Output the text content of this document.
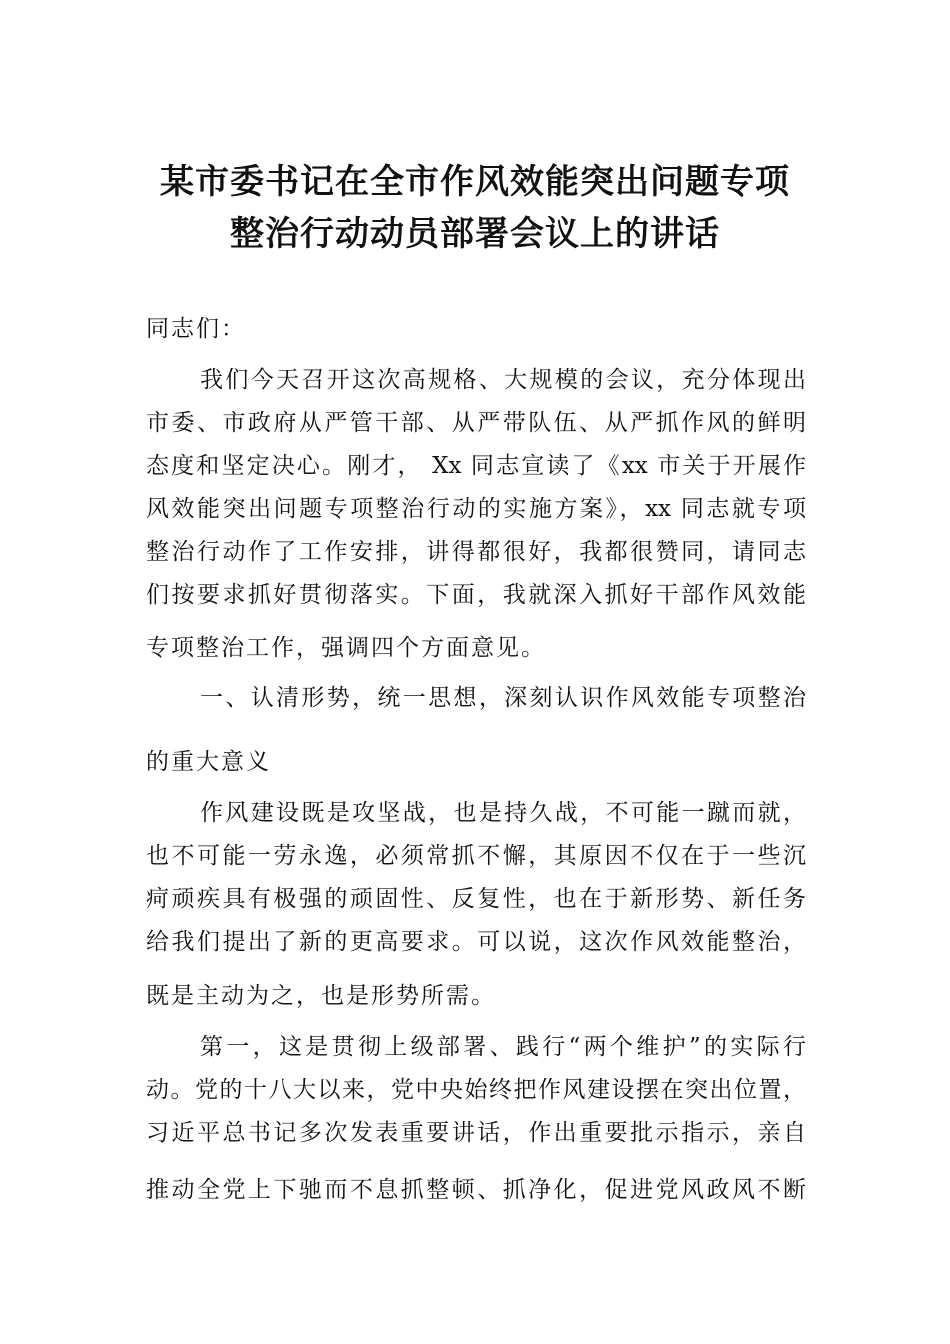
某市委书记在全市作风效能突出问题专项
整治行动动员部署会议上的讲话
同志们：
我们今天召开这次高规格、大规模的会议，充分体现出
市委、市政府从严管干部、从严带队伍、从严抓作风的鲜明
态度和坚定决心。刚才， Xx 同志宣读了《xx 市关于开展作
风效能突出问题专项整治行动的实施方案》，xx 同志就专项
整治行动作了工作安排，讲得都很好，我都很赞同，请同志
们按要求抓好贯彻落实。下面，我就深入抓好干部作风效能
专项整治工作，强调四个方面意见。
一、认清形势，统一思想，深刻认识作风效能专项整治
的重大意义
作风建设既是攻坚战，也是持久战，不可能一蹴而就，
也不可能一劳永逸，必须常抓不懈，其原因不仅在于一些沉
疴顽疾具有极强的顽固性、反复性，也在于新形势、新任务
给我们提出了新的更高要求。可以说，这次作风效能整治，
既是主动为之，也是形势所需。
第一，这是贯彻上级部署、践行“两个维护”的实际行
动。党的十八大以来，党中央始终把作风建设摆在突出位置，
习近平总书记多次发表重要讲话，作出重要批示指示，亲自
推动全党上下驰而不息抓整顿、抓净化，促进党风政风不断
